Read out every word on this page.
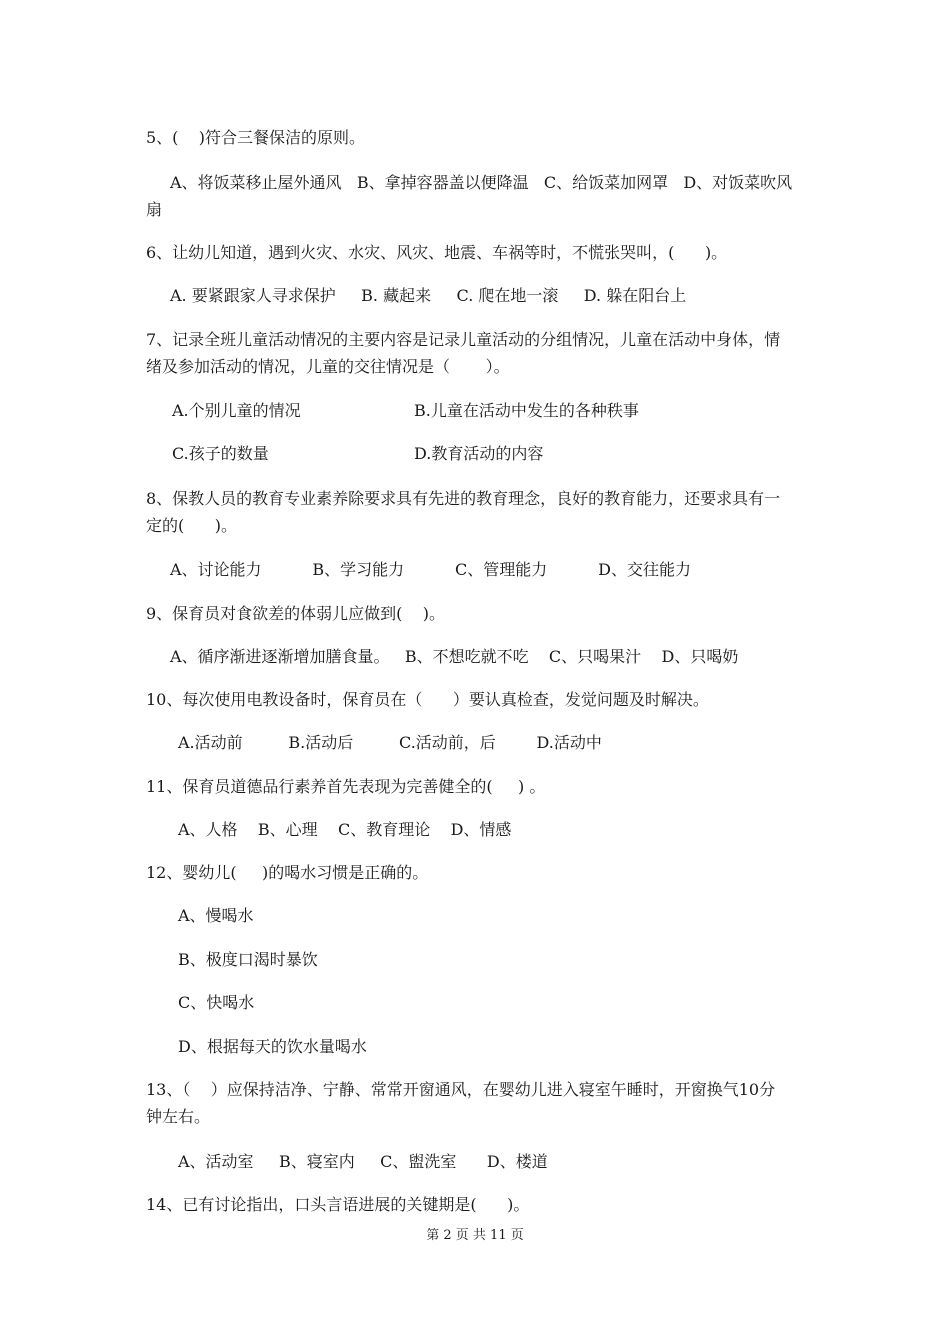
5、(    )符合三餐保洁的原则。
A、将饭菜移止屋外通风   B、拿掉容器盖以便降温   C、给饭菜加网罩   D、对饭菜吹风
扇
6、让幼儿知道，遇到火灾、水灾、风灾、地震、车祸等时，不慌张哭叫，(      )。
A. 要紧跟家人寻求保护     B. 藏起来     C. 爬在地一滚     D. 躲在阳台上
7、记录全班儿童活动情况的主要内容是记录儿童活动的分组情况，儿童在活动中身体，情
绪及参加活动的情况，儿童的交往情况是（       ）。
A.个别儿童的情况	B.儿童在活动中发生的各种秩事
C.孩子的数量	D.教育活动的内容
8、保教人员的教育专业素养除要求具有先进的教育理念，良好的教育能力，还要求具有一
定的(      )。
A、讨论能力          B、学习能力          C、管理能力          D、交往能力
9、保育员对食欲差的体弱儿应做到(    )。
A、循序渐进逐渐增加膳食量。   B、不想吃就不吃    C、只喝果汁    D、只喝奶
10、每次使用电教设备时，保育员在（      ）要认真检查，发觉问题及时解决。
A.活动前         B.活动后         C.活动前，后        D.活动中
11、保育员道德品行素养首先表现为完善健全的(     ) 。
A、人格    B、心理    C、教育理论    D、情感
12、婴幼儿(     )的喝水习惯是正确的。
A、慢喝水
B、极度口渴时暴饮
C、快喝水
D、根据每天的饮水量喝水
13、（    ）应保持洁净、宁静、常常开窗通风，在婴幼儿进入寝室午睡时，开窗换气10分
钟左右。
A、活动室     B、寝室内     C、盥洗室      D、楼道
14、已有讨论指出，口头言语进展的关键期是(      )。
第 2 页 共 11 页
